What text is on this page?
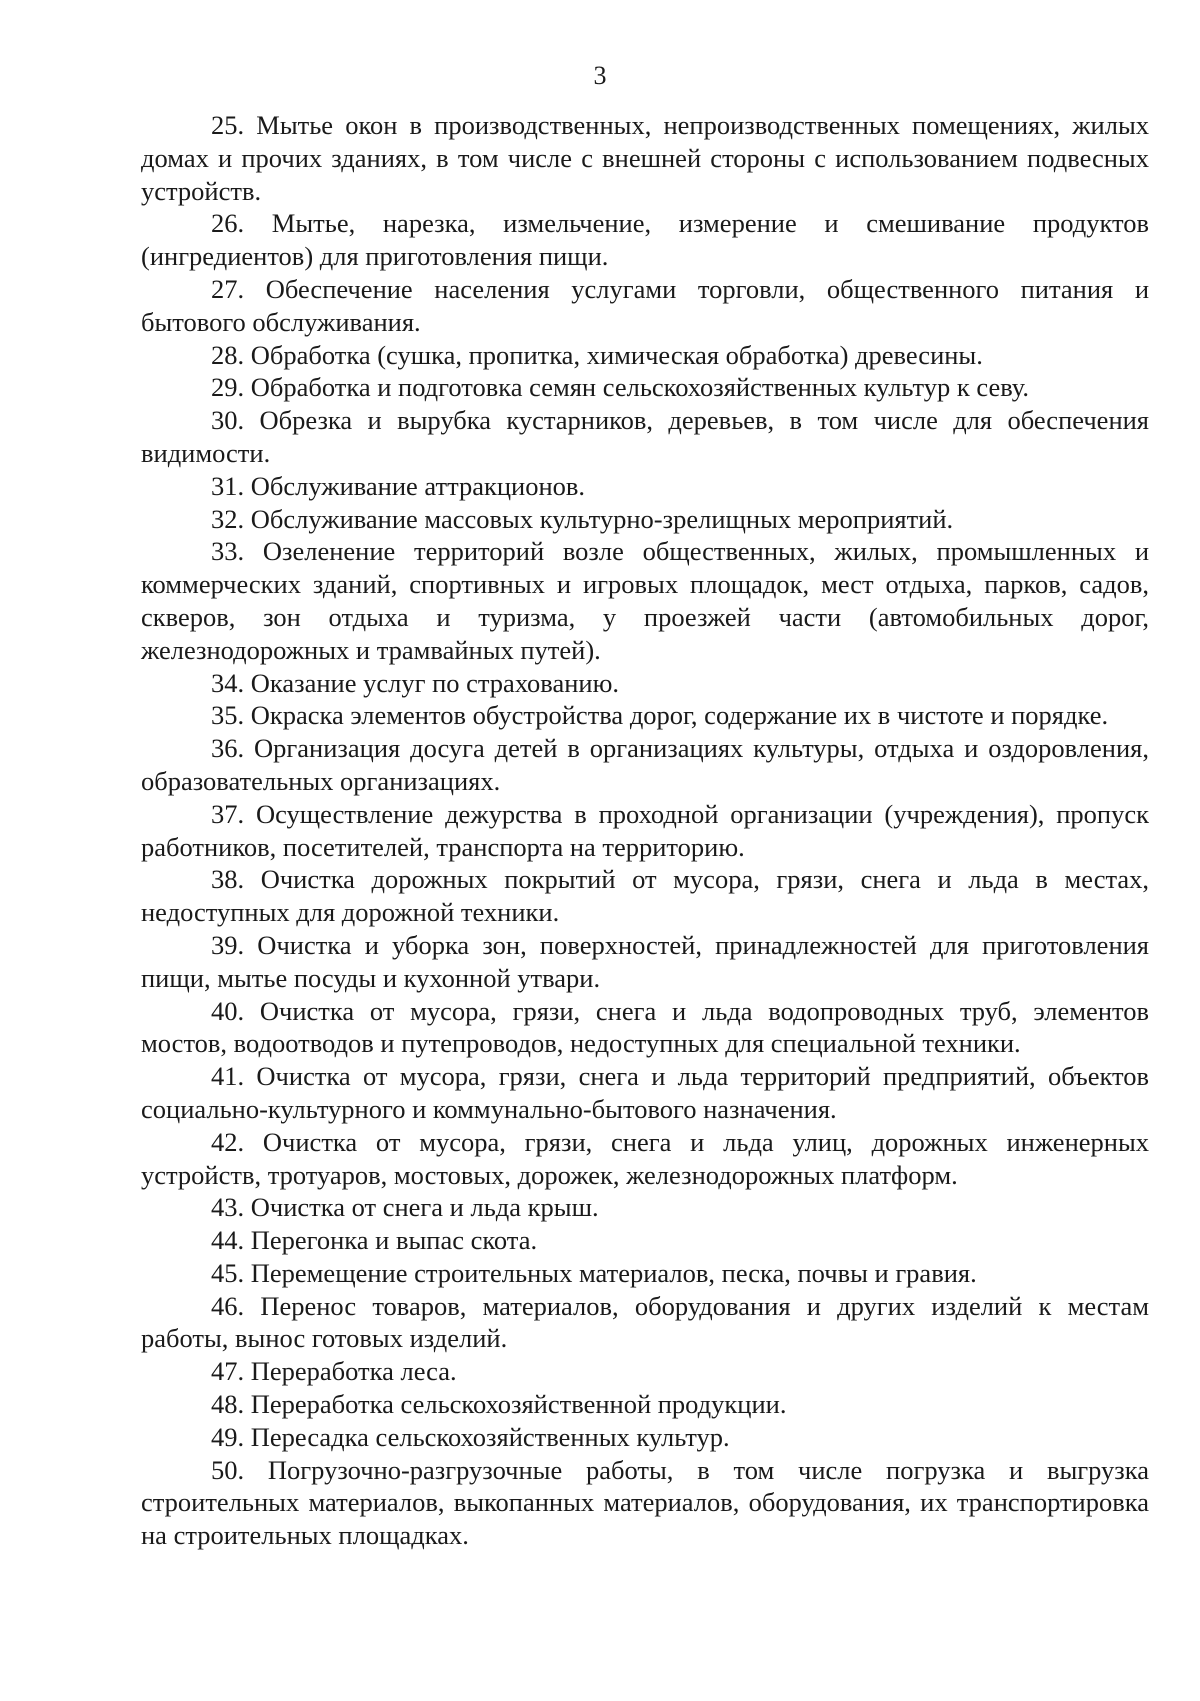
3

25. Мытье окон в производственных, непроизводственных помещениях, жилых домах и прочих зданиях, в том числе с внешней стороны с использованием подвесных устройств.

26. Мытье, нарезка, измельчение, измерение и смешивание продуктов (ингредиентов) для приготовления пищи.

27. Обеспечение населения услугами торговли, общественного питания и бытового обслуживания.

28. Обработка (сушка, пропитка, химическая обработка) древесины.

29. Обработка и подготовка семян сельскохозяйственных культур к севу.

30. Обрезка и вырубка кустарников, деревьев, в том числе для обеспечения видимости.

31. Обслуживание аттракционов.

32. Обслуживание массовых культурно-зрелищных мероприятий.

33. Озеленение территорий возле общественных, жилых, промышленных и коммерческих зданий, спортивных и игровых площадок, мест отдыха, парков, садов, скверов, зон отдыха и туризма, у проезжей части (автомобильных дорог, железнодорожных и трамвайных путей).

34. Оказание услуг по страхованию.

35. Окраска элементов обустройства дорог, содержание их в чистоте и порядке.

36. Организация досуга детей в организациях культуры, отдыха и оздоровления, образовательных организациях.

37. Осуществление дежурства в проходной организации (учреждения), пропуск работников, посетителей, транспорта на территорию.

38. Очистка дорожных покрытий от мусора, грязи, снега и льда в местах, недоступных для дорожной техники.

39. Очистка и уборка зон, поверхностей, принадлежностей для приготовления пищи, мытье посуды и кухонной утвари.

40. Очистка от мусора, грязи, снега и льда водопроводных труб, элементов мостов, водоотводов и путепроводов, недоступных для специальной техники.

41. Очистка от мусора, грязи, снега и льда территорий предприятий, объектов социально-культурного и коммунально-бытового назначения.

42. Очистка от мусора, грязи, снега и льда улиц, дорожных инженерных устройств, тротуаров, мостовых, дорожек, железнодорожных платформ.

43. Очистка от снега и льда крыш.

44. Перегонка и выпас скота.

45. Перемещение строительных материалов, песка, почвы и гравия.

46. Перенос товаров, материалов, оборудования и других изделий к местам работы, вынос готовых изделий.

47. Переработка леса.

48. Переработка сельскохозяйственной продукции.

49. Пересадка сельскохозяйственных культур.

50. Погрузочно-разгрузочные работы, в том числе погрузка и выгрузка строительных материалов, выкопанных материалов, оборудования, их транспортировка на строительных площадках.
